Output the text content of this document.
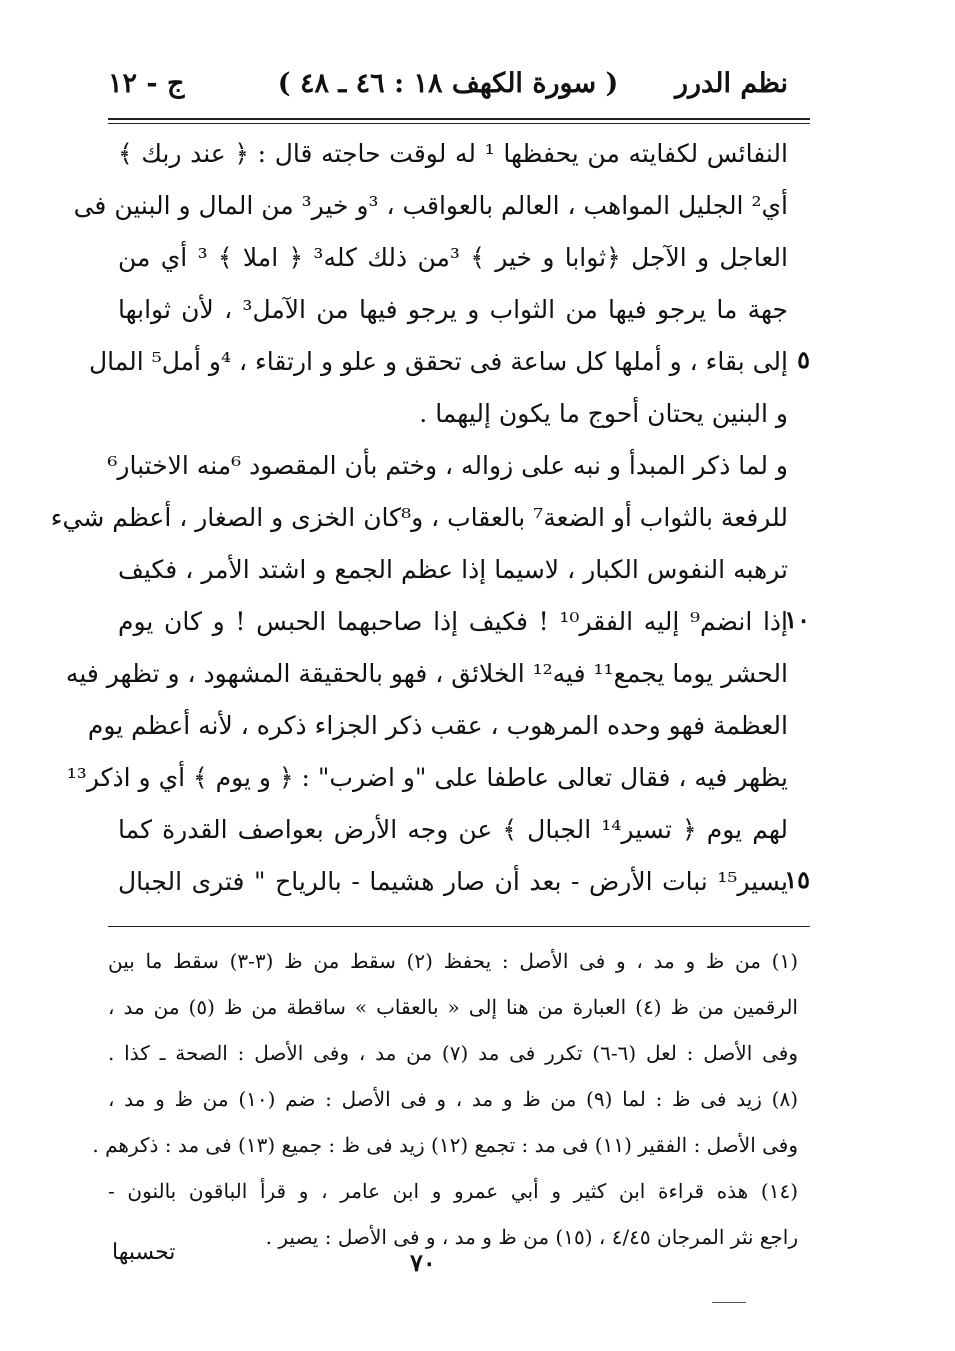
نظم الدرر
( سورة الكهف ١٨ : ٤٦ ـ ٤٨ )
ج - ١٢
النفائس لكفايته من يحفظها ¹ له لوقت حاجته قال : ﴿ عند ربك ﴾
أي² الجليل المواهب ، العالم بالعواقب ، ³و خير³ من المال و البنين فى
العاجل و الآجل ﴿ثوابا و خير ﴾ ³من ذلك كله³ ﴿ املا ﴾ ³ أي من
جهة ما يرجو فيها من الثواب و يرجو فيها من الآمل³ ، لأن ثوابها
إلى بقاء ، و أملها كل ساعة فى تحقق و علو و ارتقاء ، ⁴و أمل⁵ المال
و البنين يحتان أحوج ما يكون إليهما .
و لما ذكر المبدأ و نبه على زواله ، وختم بأن المقصود ⁶منه الاختبار⁶
للرفعة بالثواب أو الضعة⁷ بالعقاب ، و⁸كان الخزى و الصغار ، أعظم شيء
ترهبه النفوس الكبار ، لاسيما إذا عظم الجمع و اشتد الأمر ، فكيف
إذا انضم⁹ إليه الفقر¹⁰ ! فكيف إذا صاحبهما الحبس ! و كان يوم
الحشر يوما يجمع¹¹ فيه¹² الخلائق ، فهو بالحقيقة المشهود ، و تظهر فيه
العظمة فهو وحده المرهوب ، عقب ذكر الجزاء ذكره ، لأنه أعظم يوم
يظهر فيه ، فقال تعالى عاطفا على "و اضرب" : ﴿ و يوم ﴾ أي و اذكر¹³
لهم يوم ﴿ تسير¹⁴ الجبال ﴾ عن وجه الأرض بعواصف القدرة كما
يسير¹⁵ نبات الأرض - بعد أن صار هشيما - بالرياح " فترى الجبال
٥
١٠
١٥
(١) من ظ و مد ، و فى الأصل : يحفظ (٢) سقط من ظ (٣-٣) سقط ما بين
الرقمين من ظ (٤) العبارة من هنا إلى « بالعقاب » ساقطة من ظ (٥) من مد ،
وفى الأصل : لعل (٦-٦) تكرر فى مد (٧) من مد ، وفى الأصل : الصحة ـ كذا .
(٨) زيد فى ظ : لما (٩) من ظ و مد ، و فى الأصل : ضم (١٠) من ظ و مد ،
وفى الأصل : الفقير (١١) فى مد : تجمع (١٢) زيد فى ظ : جميع (١٣) فى مد : ذكرهم .
(١٤) هذه قراءة ابن كثير و أبي عمرو و ابن عامر ، و قرأ الباقون بالنون -
راجع نثر المرجان ٤/٤٥ ، (١٥) من ظ و مد ، و فى الأصل : يصير .
تحسبها	٧٠
